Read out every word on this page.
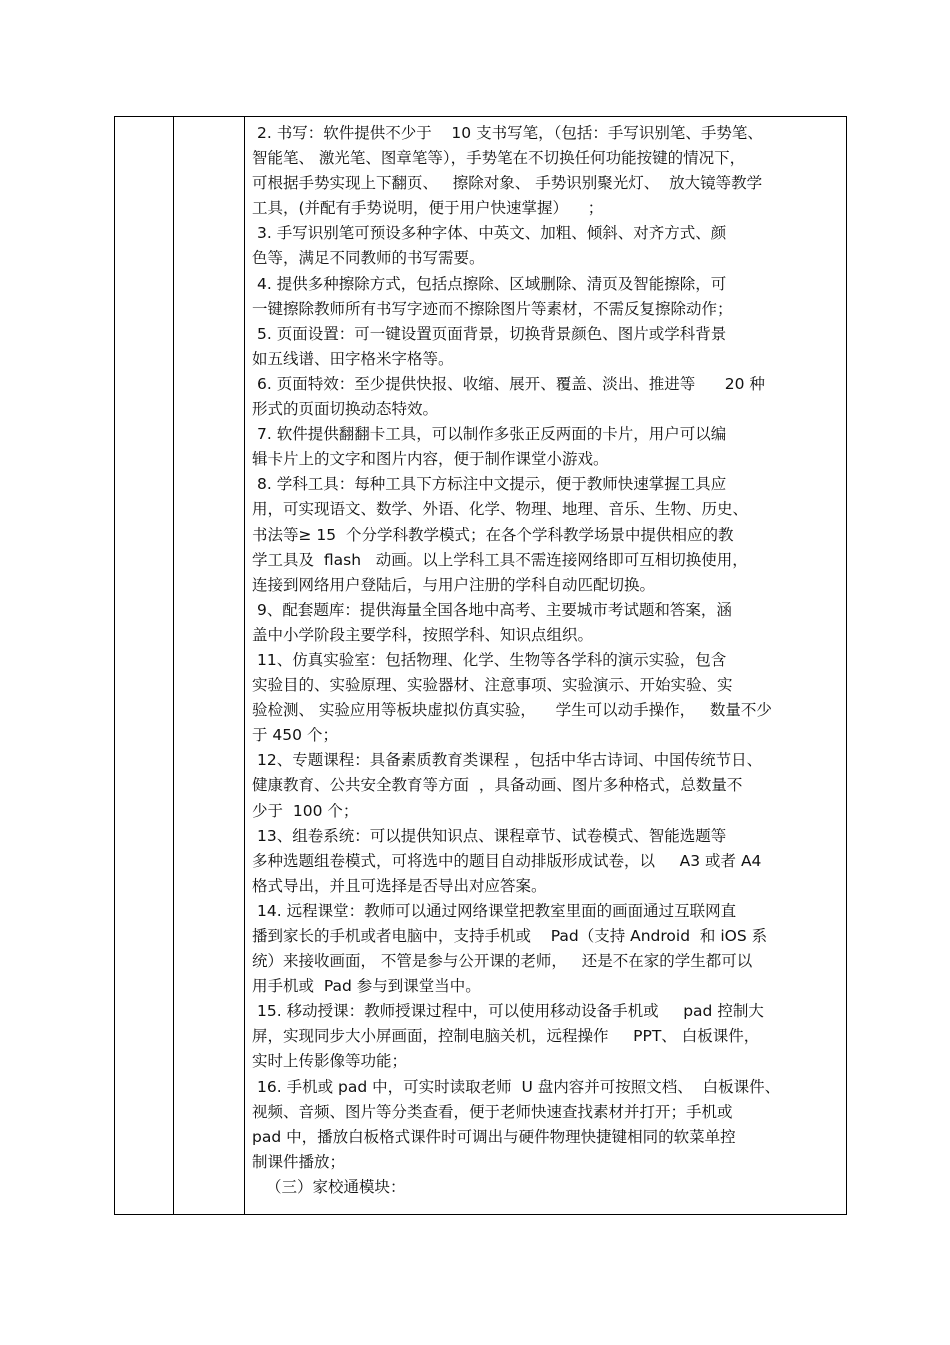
2. 书写：软件提供不少于    10 支书写笔，（包括：手写识别笔、手势笔、
智能笔、 激光笔、图章笔等），手势笔在不切换任何功能按键的情况下，
可根据手势实现上下翻页、   擦除对象、 手势识别聚光灯、  放大镜等教学
工具，(并配有手势说明，便于用户快速掌握）    ；
3. 手写识别笔可预设多种字体、中英文、加粗、倾斜、对齐方式、颜
色等，满足不同教师的书写需要。
4. 提供多种擦除方式，包括点擦除、区域删除、清页及智能擦除，可
一键擦除教师所有书写字迹而不擦除图片等素材，不需反复擦除动作；
5. 页面设置：可一键设置页面背景，切换背景颜色、图片或学科背景
如五线谱、田字格米字格等。
6. 页面特效：至少提供快报、收缩、展开、覆盖、淡出、推进等      20 种
形式的页面切换动态特效。
7. 软件提供翻翻卡工具，可以制作多张正反两面的卡片，用户可以编
辑卡片上的文字和图片内容，便于制作课堂小游戏。
8. 学科工具：每种工具下方标注中文提示，便于教师快速掌握工具应
用，可实现语文、数学、外语、化学、物理、地理、音乐、生物、历史、
书法等≥ 15  个分学科教学模式；在各个学科教学场景中提供相应的教
学工具及  flash   动画。以上学科工具不需连接网络即可互相切换使用，
连接到网络用户登陆后，与用户注册的学科自动匹配切换。
9、配套题库：提供海量全国各地中高考、主要城市考试题和答案，涵
盖中小学阶段主要学科，按照学科、知识点组织。
11、仿真实验室：包括物理、化学、生物等各学科的演示实验，包含
实验目的、实验原理、实验器材、注意事项、实验演示、开始实验、实
验检测、 实验应用等板块虚拟仿真实验，    学生可以动手操作，   数量不少
于 450 个；
12、专题课程：具备素质教育类课程 ，包括中华古诗词、中国传统节日、
健康教育、公共安全教育等方面  ，具备动画、图片多种格式，总数量不
少于  100 个；
13、组卷系统：可以提供知识点、课程章节、试卷模式、智能选题等
多种选题组卷模式，可将选中的题目自动排版形成试卷，以     A3 或者 A4
格式导出，并且可选择是否导出对应答案。
14. 远程课堂：教师可以通过网络课堂把教室里面的画面通过互联网直
播到家长的手机或者电脑中，支持手机或    Pad（支持 Android  和 iOS 系
统）来接收画面， 不管是参与公开课的老师，   还是不在家的学生都可以
用手机或  Pad 参与到课堂当中。
15. 移动授课：教师授课过程中，可以使用移动设备手机或     pad 控制大
屏，实现同步大小屏画面，控制电脑关机，远程操作     PPT、 白板课件，
实时上传影像等功能；
16. 手机或 pad 中，可实时读取老师  U 盘内容并可按照文档、  白板课件、
视频、音频、图片等分类查看，便于老师快速查找素材并打开；手机或
pad 中，播放白板格式课件时可调出与硬件物理快捷键相同的软菜单控
制课件播放；
（三）家校通模块：
